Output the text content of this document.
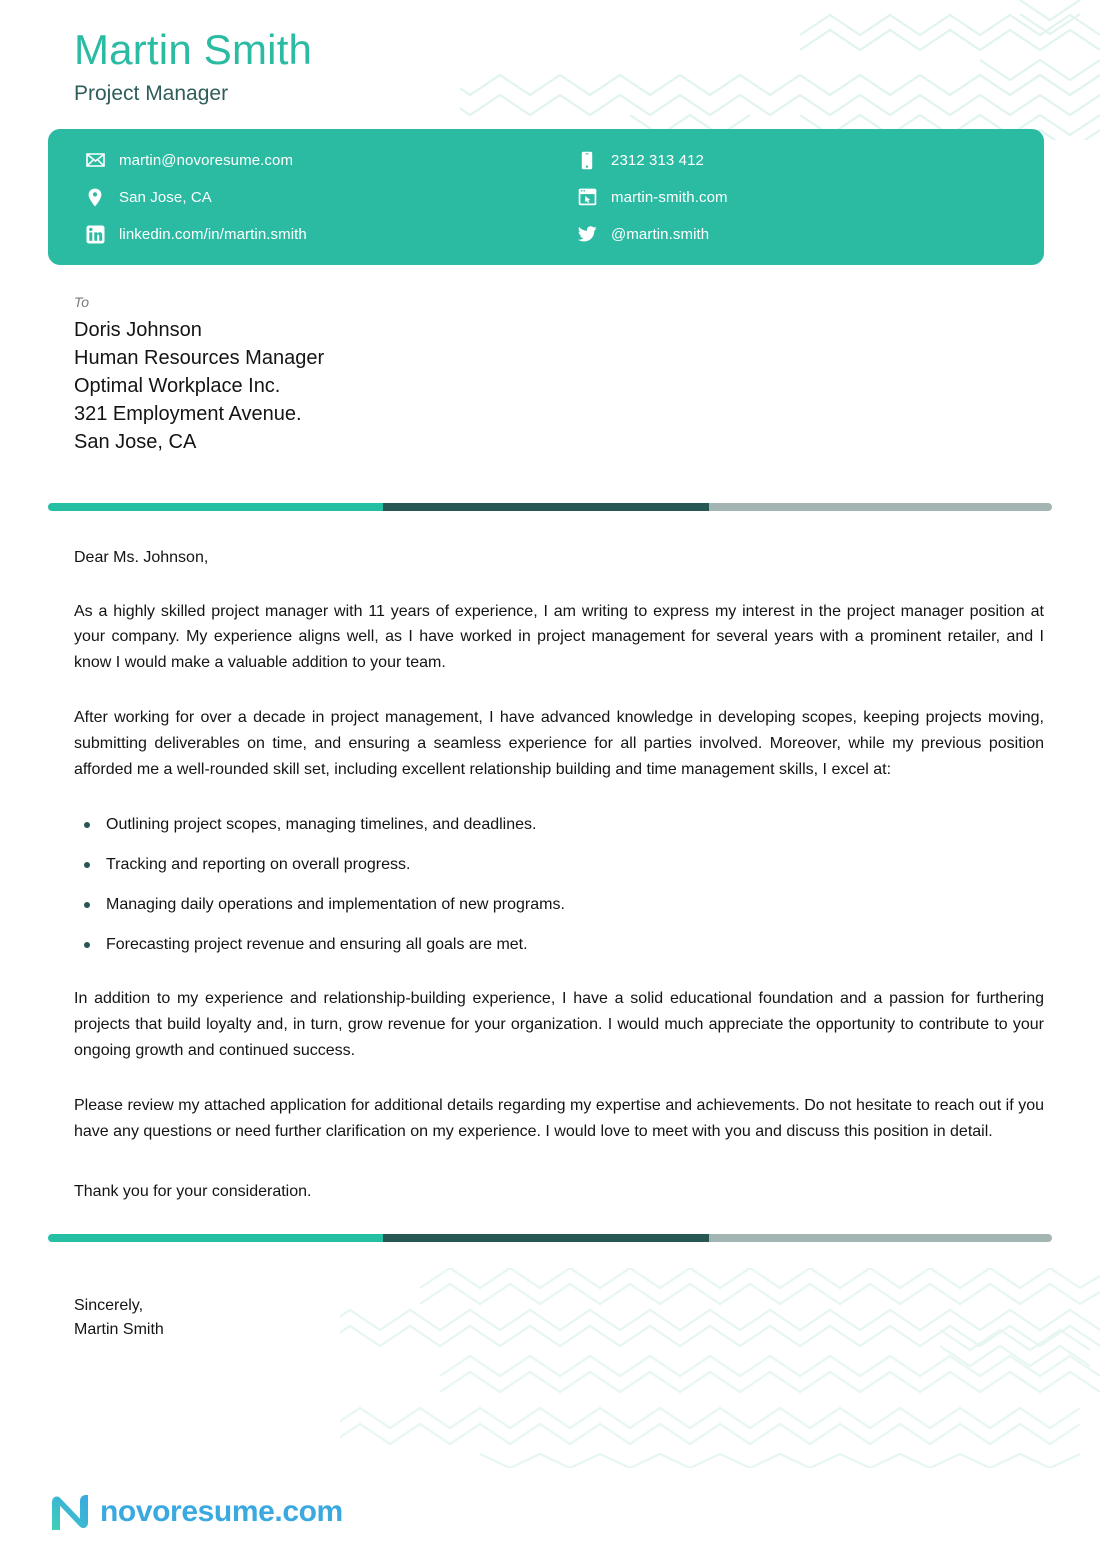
Martin Smith
Project Manager
martin@novoresume.com
San Jose, CA
linkedin.com/in/martin.smith
2312 313 412
martin-smith.com
@martin.smith
To
Doris Johnson
Human Resources Manager
Optimal Workplace Inc.
321 Employment Avenue.
San Jose, CA
Dear Ms. Johnson,

As a highly skilled project manager with 11 years of experience, I am writing to express my interest in the project manager position at your company. My experience aligns well, as I have worked in project management for several years with a prominent retailer, and I know I would make a valuable addition to your team.

After working for over a decade in project management, I have advanced knowledge in developing scopes, keeping projects moving, submitting deliverables on time, and ensuring a seamless experience for all parties involved. Moreover, while my previous position afforded me a well-rounded skill set, including excellent relationship building and time management skills, I excel at:

Outlining project scopes, managing timelines, and deadlines.
Tracking and reporting on overall progress.
Managing daily operations and implementation of new programs.
Forecasting project revenue and ensuring all goals are met.

In addition to my experience and relationship-building experience, I have a solid educational foundation and a passion for furthering projects that build loyalty and, in turn, grow revenue for your organization. I would much appreciate the opportunity to contribute to your ongoing growth and continued success.

Please review my attached application for additional details regarding my expertise and achievements. Do not hesitate to reach out if you have any questions or need further clarification on my experience. I would love to meet with you and discuss this position in detail.

Thank you for your consideration.
Sincerely,
Martin Smith
novoresume.com
